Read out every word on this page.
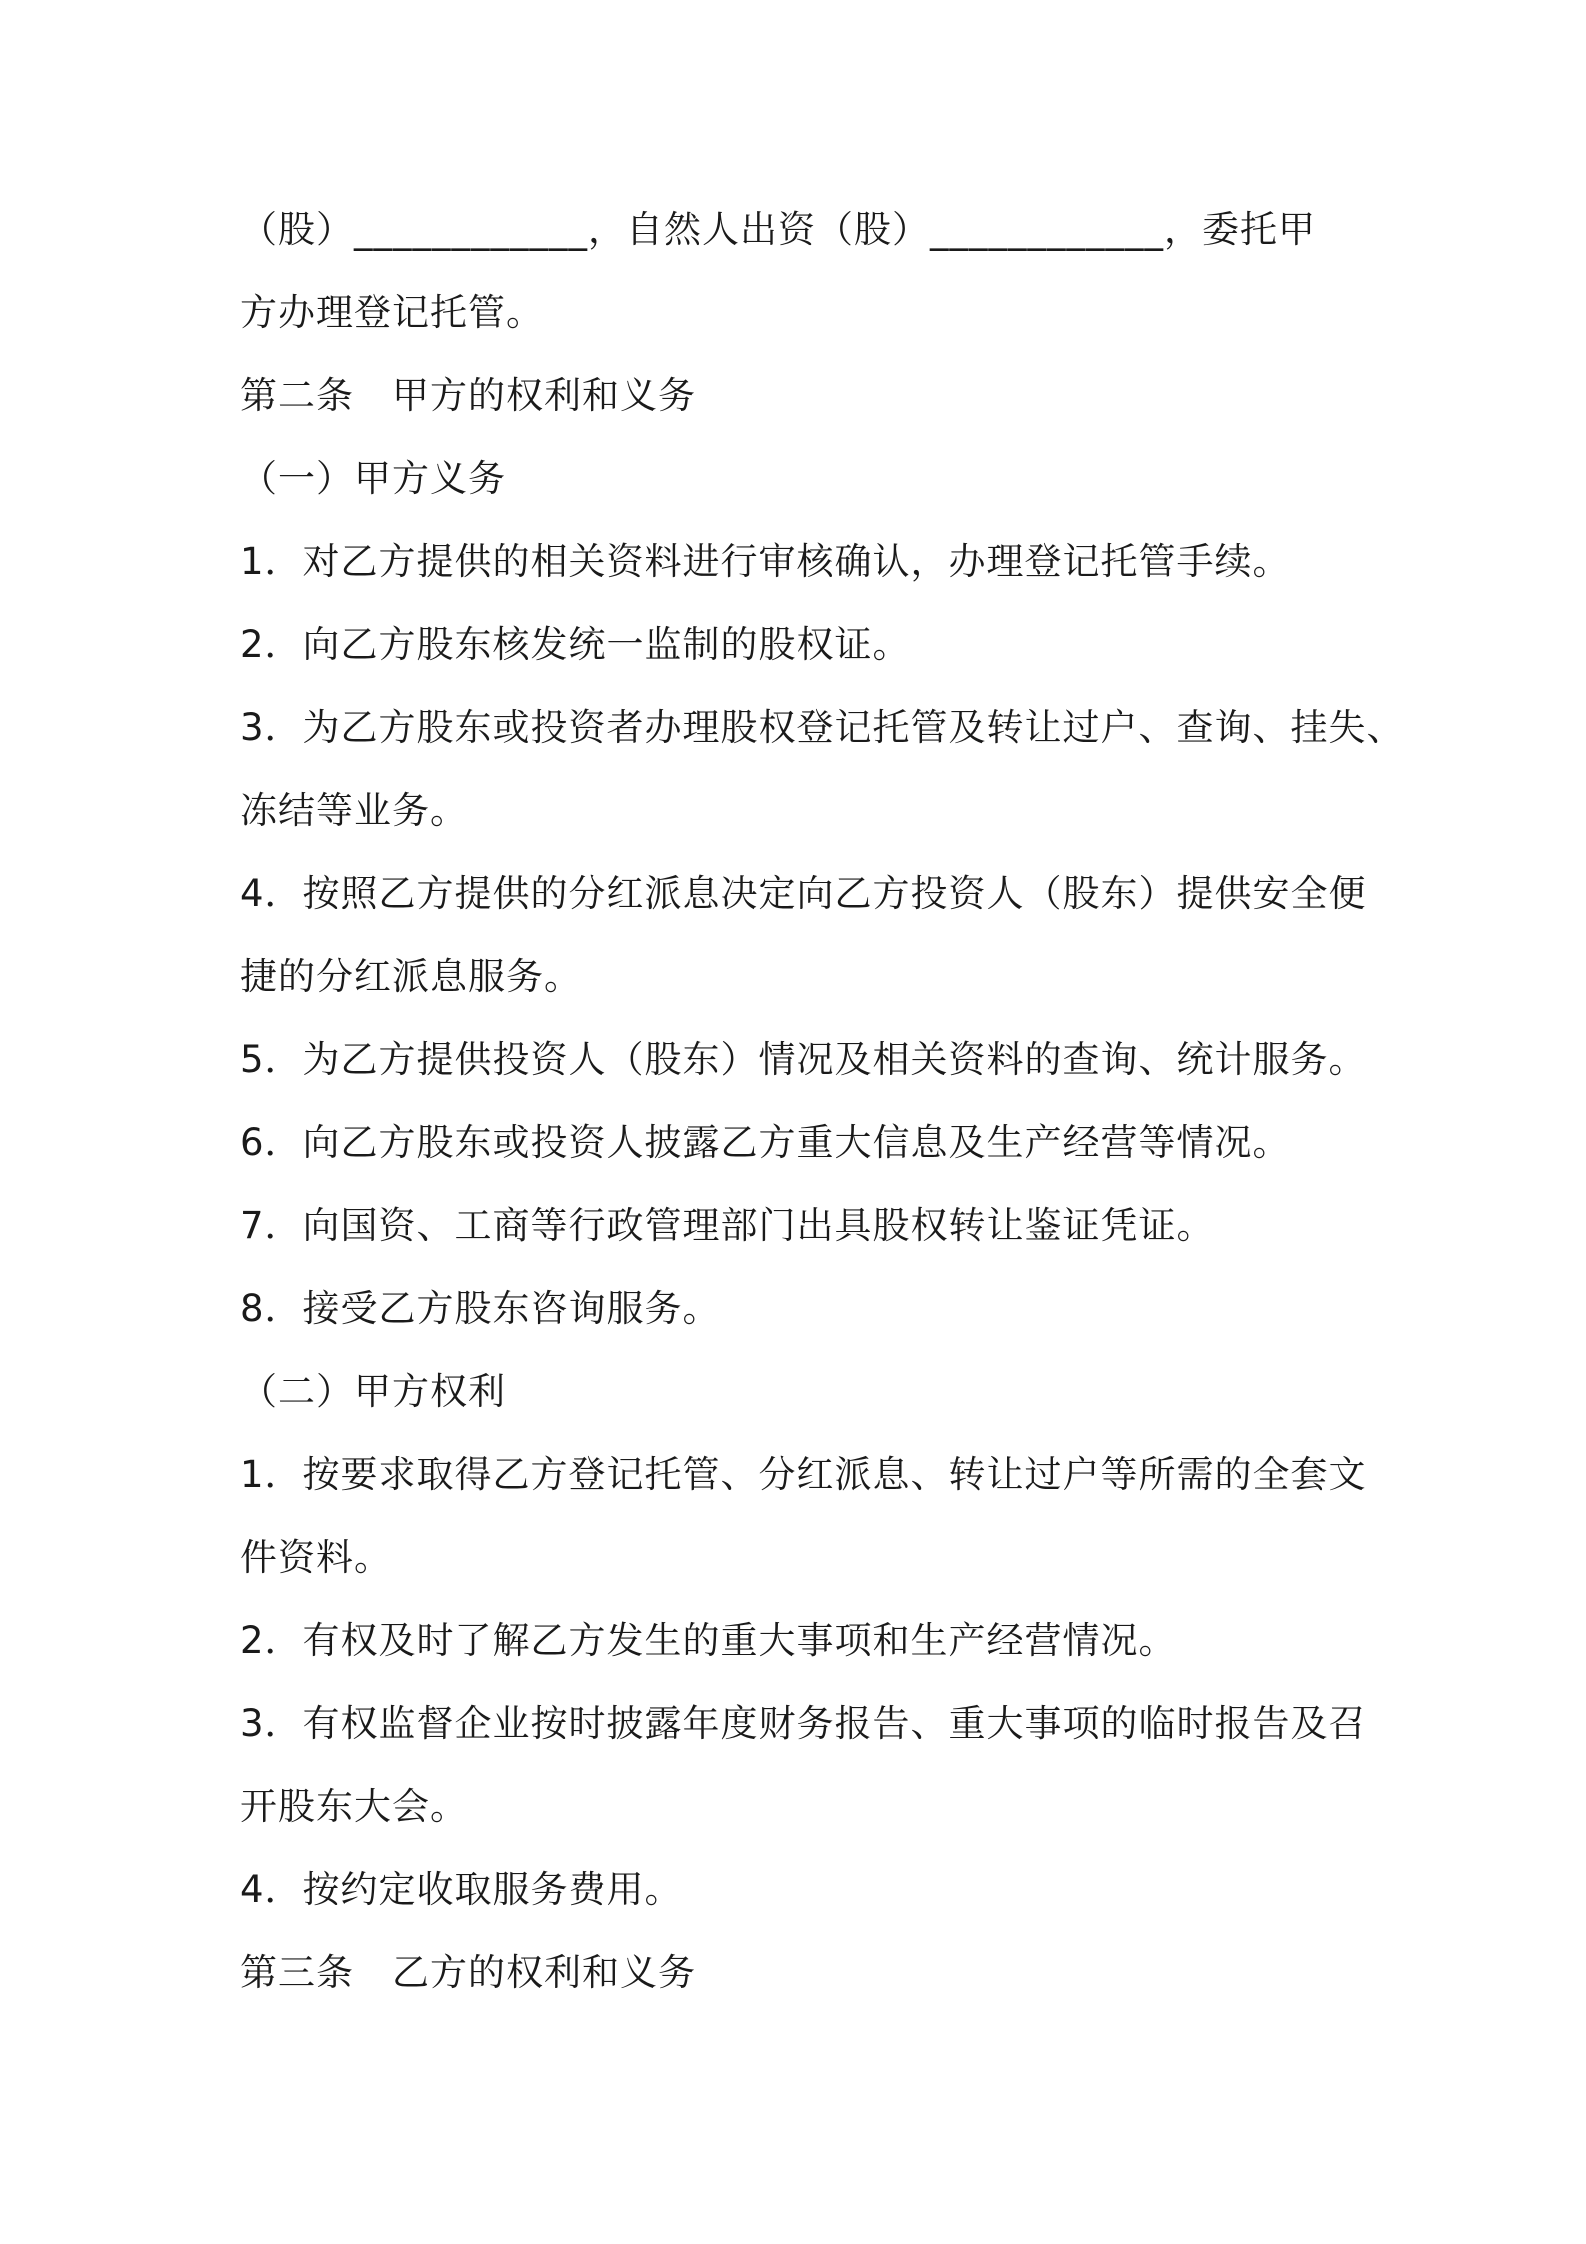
（股）____________，自然人出资（股）____________，委托甲
方办理登记托管。
第二条　甲方的权利和义务
（一）甲方义务
1．对乙方提供的相关资料进行审核确认，办理登记托管手续。
2．向乙方股东核发统一监制的股权证。
3．为乙方股东或投资者办理股权登记托管及转让过户、查询、挂失、
冻结等业务。
4．按照乙方提供的分红派息决定向乙方投资人（股东）提供安全便
捷的分红派息服务。
5．为乙方提供投资人（股东）情况及相关资料的查询、统计服务。
6．向乙方股东或投资人披露乙方重大信息及生产经营等情况。
7．向国资、工商等行政管理部门出具股权转让鉴证凭证。
8．接受乙方股东咨询服务。
（二）甲方权利
1．按要求取得乙方登记托管、分红派息、转让过户等所需的全套文
件资料。
2．有权及时了解乙方发生的重大事项和生产经营情况。
3．有权监督企业按时披露年度财务报告、重大事项的临时报告及召
开股东大会。
4．按约定收取服务费用。
第三条　乙方的权利和义务
